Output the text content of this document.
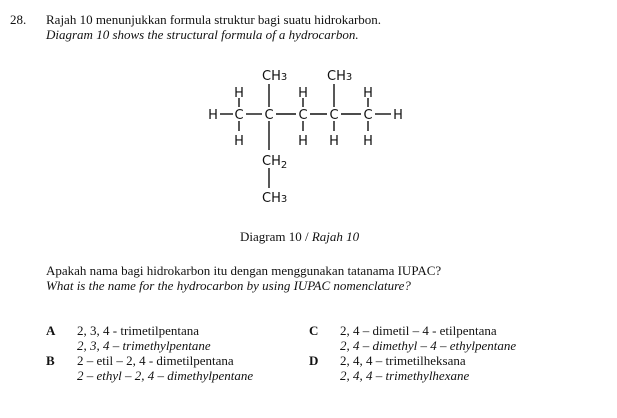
28. Rajah 10 menunjukkan formula struktur bagi suatu hidrokarbon.
Diagram 10 shows the structural formula of a hydrocarbon.
H C C C C C H
H	H	H
H	H H H
CH3	CH3
$CH_2$
CH3
Diagram 10 / Rajah 10
Apakah nama bagi hidrokarbon itu dengan menggunakan tatanama IUPAC?
What is the name for the hydrocarbon by using IUPAC nomenclature?
A 2, 3, 4 - trimetilpentana
2, 3, 4 – trimethylpentane
B 2 – etil – 2, 4 - dimetilpentana
2 – ethyl – 2, 4 – dimethylpentane
C 2, 4 – dimetil – 4 - etilpentana
2, 4 – dimethyl – 4 – ethylpentane
D 2, 4, 4 – trimetilheksana
2, 4, 4 – trimethylhexane
